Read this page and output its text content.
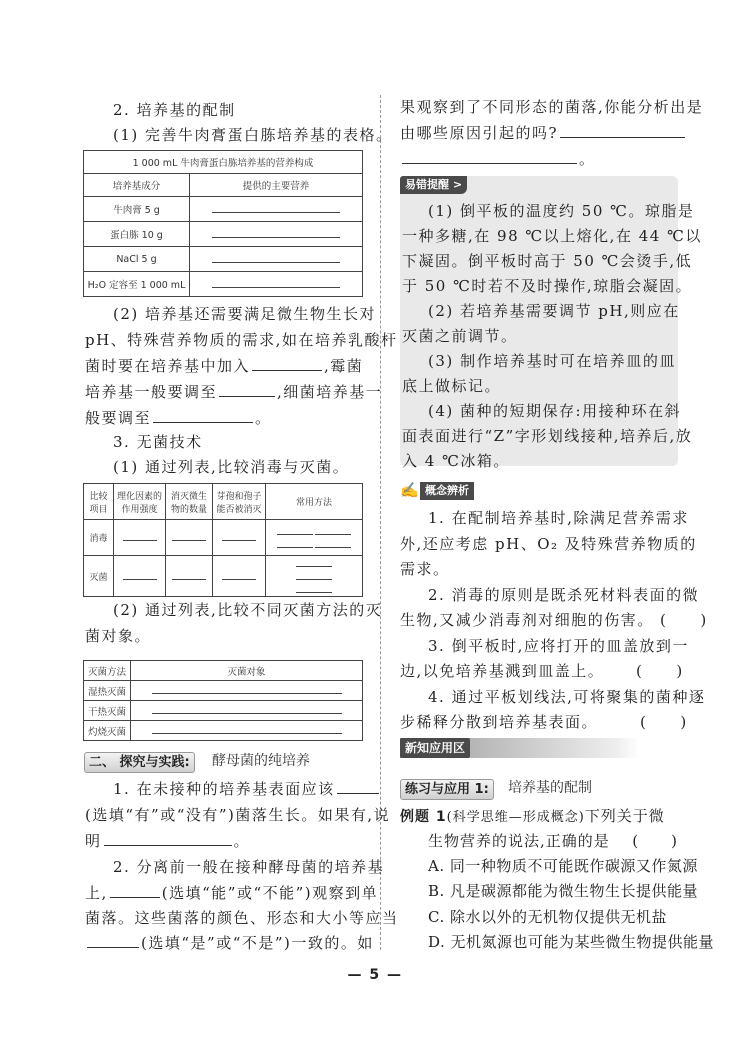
2. 培养基的配制
(1) 完善牛肉膏蛋白胨培养基的表格。
1 000 mL 牛肉膏蛋白胨培养基的营养构成	
培养基成分	提供的主要营养
牛肉膏 5 g	
蛋白胨 10 g	
NaCl 5 g	
H₂O 定容至 1 000 mL	
(2) 培养基还需要满足微生物生长对
pH、特殊营养物质的需求,如在培养乳酸杆
菌时要在培养基中加入	,霉菌
培养基一般要调至	,细菌培养基一
般要调至	。
3. 无菌技术
(1) 通过列表,比较消毒与灭菌。
比较项目	理化因素的作用强度	消灭微生物的数量	芽孢和孢子能否被消灭	常用方法
消毒				

灭菌				

(2) 通过列表,比较不同灭菌方法的灭
菌对象。
灭菌方法	灭菌对象
湿热灭菌	
干热灭菌	
灼烧灭菌	
二、 探究与实践:	酵母菌的纯培养
1. 在未接种的培养基表面应该
(选填“有”或“没有”)菌落生长。如果有,说
明	。
2. 分离前一般在接种酵母菌的培养基
上,	(选填“能”或“不能”)观察到单
菌落。这些菌落的颜色、形态和大小等应当
(选填“是”或“不是”)一致的。如
果观察到了不同形态的菌落,你能分析出是
由哪些原因引起的吗?
。
易错提醒 >
✍ 概念辨析
新知应用区
练习与应用 1:	培养基的配制
例题 1(科学思维—形成概念)下列关于微
生物营养的说法,正确的是 (　　)
— 5 —
(1) 倒平板的温度约 50 ℃。琼脂是
一种多糖,在 98 ℃以上熔化,在 44 ℃以
下凝固。倒平板时高于 50 ℃会烫手,低
于 50 ℃时若不及时操作,琼脂会凝固。
(2) 若培养基需要调节 pH,则应在
灭菌之前调节。
(3) 制作培养基时可在培养皿的皿
底上做标记。
(4) 菌种的短期保存:用接种环在斜
面表面进行“Z”字形划线接种,培养后,放
入 4 ℃冰箱。
1. 在配制培养基时,除满足营养需求
外,还应考虑 pH、O₂ 及特殊营养物质的
需求。
2. 消毒的原则是既杀死材料表面的微
生物,又减少消毒剂对细胞的伤害。 (　　)
3. 倒平板时,应将打开的皿盖放到一
边,以免培养基溅到皿盖上。　　 (　　)
4. 通过平板划线法,可将聚集的菌种逐
步稀释分散到培养基表面。　　　(　　)
A. 同一种物质不可能既作碳源又作氮源
B. 凡是碳源都能为微生物生长提供能量
C. 除水以外的无机物仅提供无机盐
D. 无机氮源也可能为某些微生物提供能量
